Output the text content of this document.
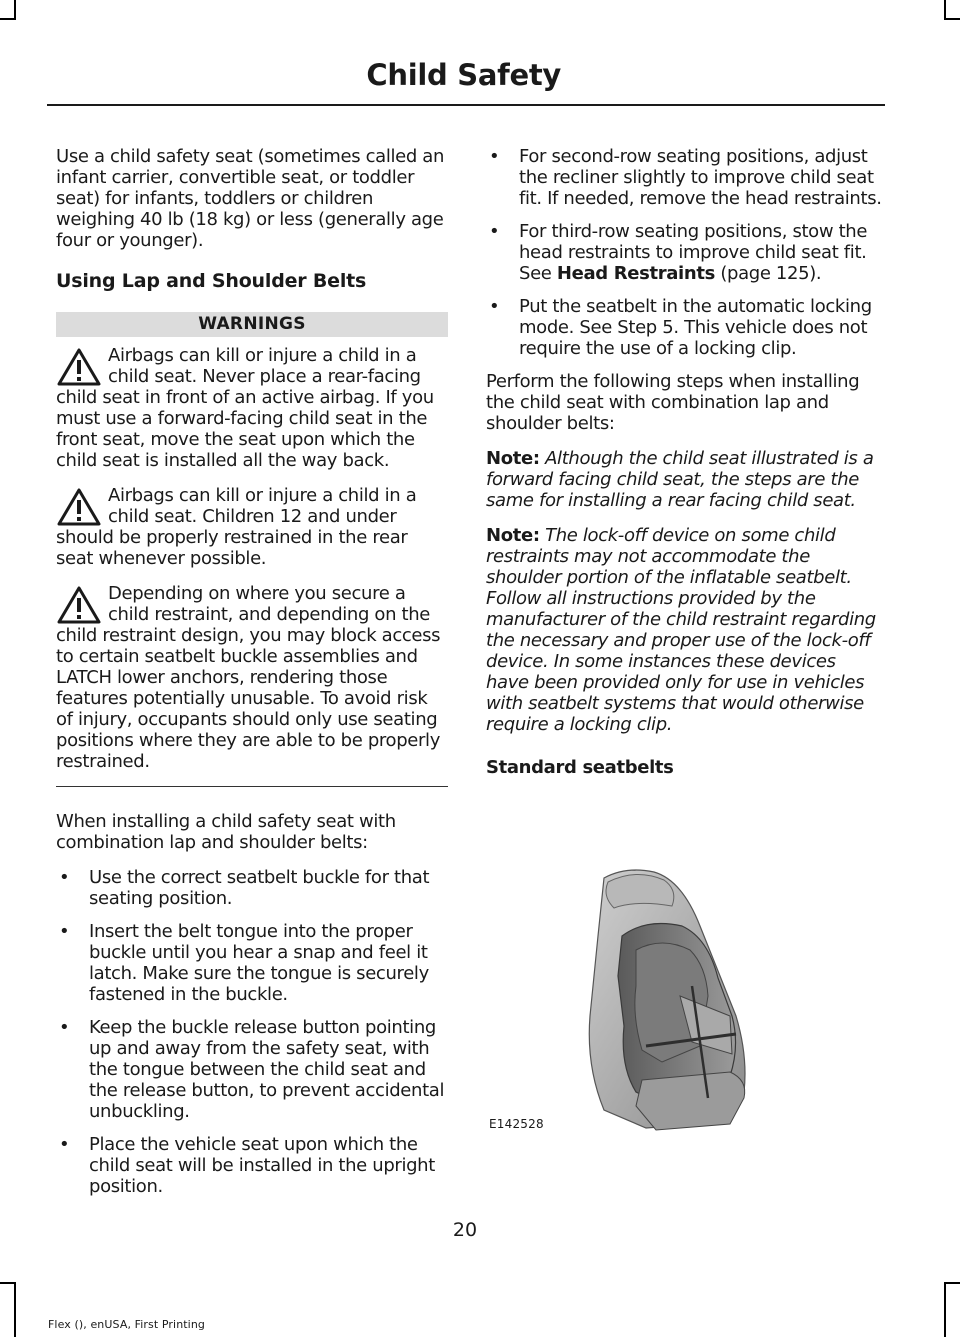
Child Safety

Use a child safety seat (sometimes called an infant carrier, convertible seat, or toddler seat) for infants, toddlers or children weighing 40 lb (18 kg) or less (generally age four or younger).

Using Lap and Shoulder Belts
WARNINGS
Airbags can kill or injure a child in a child seat. Never place a rear-facing child seat in front of an active airbag. If you must use a forward-facing child seat in the front seat, move the seat upon which the child seat is installed all the way back.
Airbags can kill or injure a child in a child seat. Children 12 and under should be properly restrained in the rear seat whenever possible.
Depending on where you secure a child restraint, and depending on the child restraint design, you may block access to certain seatbelt buckle assemblies and LATCH lower anchors, rendering those features potentially unusable. To avoid risk of injury, occupants should only use seating positions where they are able to be properly restrained.

When installing a child safety seat with combination lap and shoulder belts:

• Use the correct seatbelt buckle for that seating position.
• Insert the belt tongue into the proper buckle until you hear a snap and feel it latch. Make sure the tongue is securely fastened in the buckle.
• Keep the buckle release button pointing up and away from the safety seat, with the tongue between the child seat and the release button, to prevent accidental unbuckling.
• Place the vehicle seat upon which the child seat will be installed in the upright position.
• For second-row seating positions, adjust the recliner slightly to improve child seat fit. If needed, remove the head restraints.
• For third-row seating positions, stow the head restraints to improve child seat fit. See Head Restraints (page 125).
• Put the seatbelt in the automatic locking mode. See Step 5. This vehicle does not require the use of a locking clip.

Perform the following steps when installing the child seat with combination lap and shoulder belts:

Note: Although the child seat illustrated is a forward facing child seat, the steps are the same for installing a rear facing child seat.

Note: The lock-off device on some child restraints may not accommodate the shoulder portion of the inflatable seatbelt. Follow all instructions provided by the manufacturer of the child restraint regarding the necessary and proper use of the lock-off device. In some instances these devices have been provided only for use in vehicles with seatbelt systems that would otherwise require a locking clip.

Standard seatbelts
E142528
20
Flex (), enUSA, First Printing
